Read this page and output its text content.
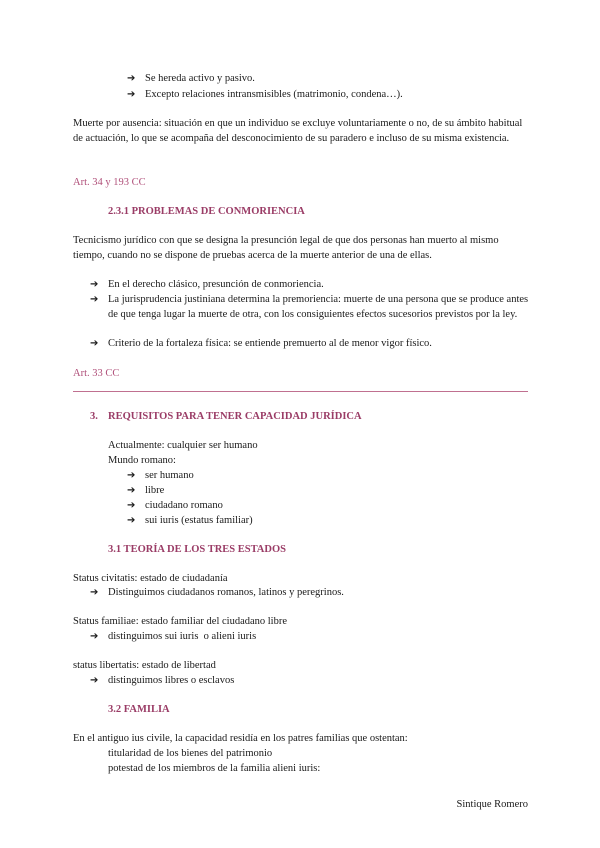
➔ Se hereda activo y pasivo.
➔ Excepto relaciones intransmisibles (matrimonio, condena…).
Muerte por ausencia: situación en que un individuo se excluye voluntariamente o no, de su ámbito habitual de actuación, lo que se acompaña del desconocimiento de su paradero e incluso de su misma existencia.
Art. 34 y 193 CC
2.3.1 PROBLEMAS DE CONMORIENCIA
Tecnicismo jurídico con que se designa la presunción legal de que dos personas han muerto al mismo tiempo, cuando no se dispone de pruebas acerca de la muerte anterior de una de ellas.
➔ En el derecho clásico, presunción de conmoriencia.
➔ La jurisprudencia justiniana determina la premoriencia: muerte de una persona que se produce antes de que tenga lugar la muerte de otra, con los consiguientes efectos sucesorios previstos por la ley.
➔ Criterio de la fortaleza física: se entiende premuerto al de menor vigor físico.
Art. 33 CC
3. REQUISITOS PARA TENER CAPACIDAD JURÍDICA
Actualmente: cualquier ser humano
Mundo romano:
➔ ser humano
➔ libre
➔ ciudadano romano
➔ sui iuris (estatus familiar)
3.1 TEORÍA DE LOS TRES ESTADOS
Status civitatis: estado de ciudadanía
➔ Distinguimos ciudadanos romanos, latinos y peregrinos.
Status familiae: estado familiar del ciudadano libre
➔ distinguimos sui iuris  o alieni iuris
status libertatis: estado de libertad
➔ distinguimos libres o esclavos
3.2 FAMILIA
En el antiguo ius civile, la capacidad residía en los patres familias que ostentan:
titularidad de los bienes del patrimonio
potestad de los miembros de la familia alieni iuris:
Sintique Romero
